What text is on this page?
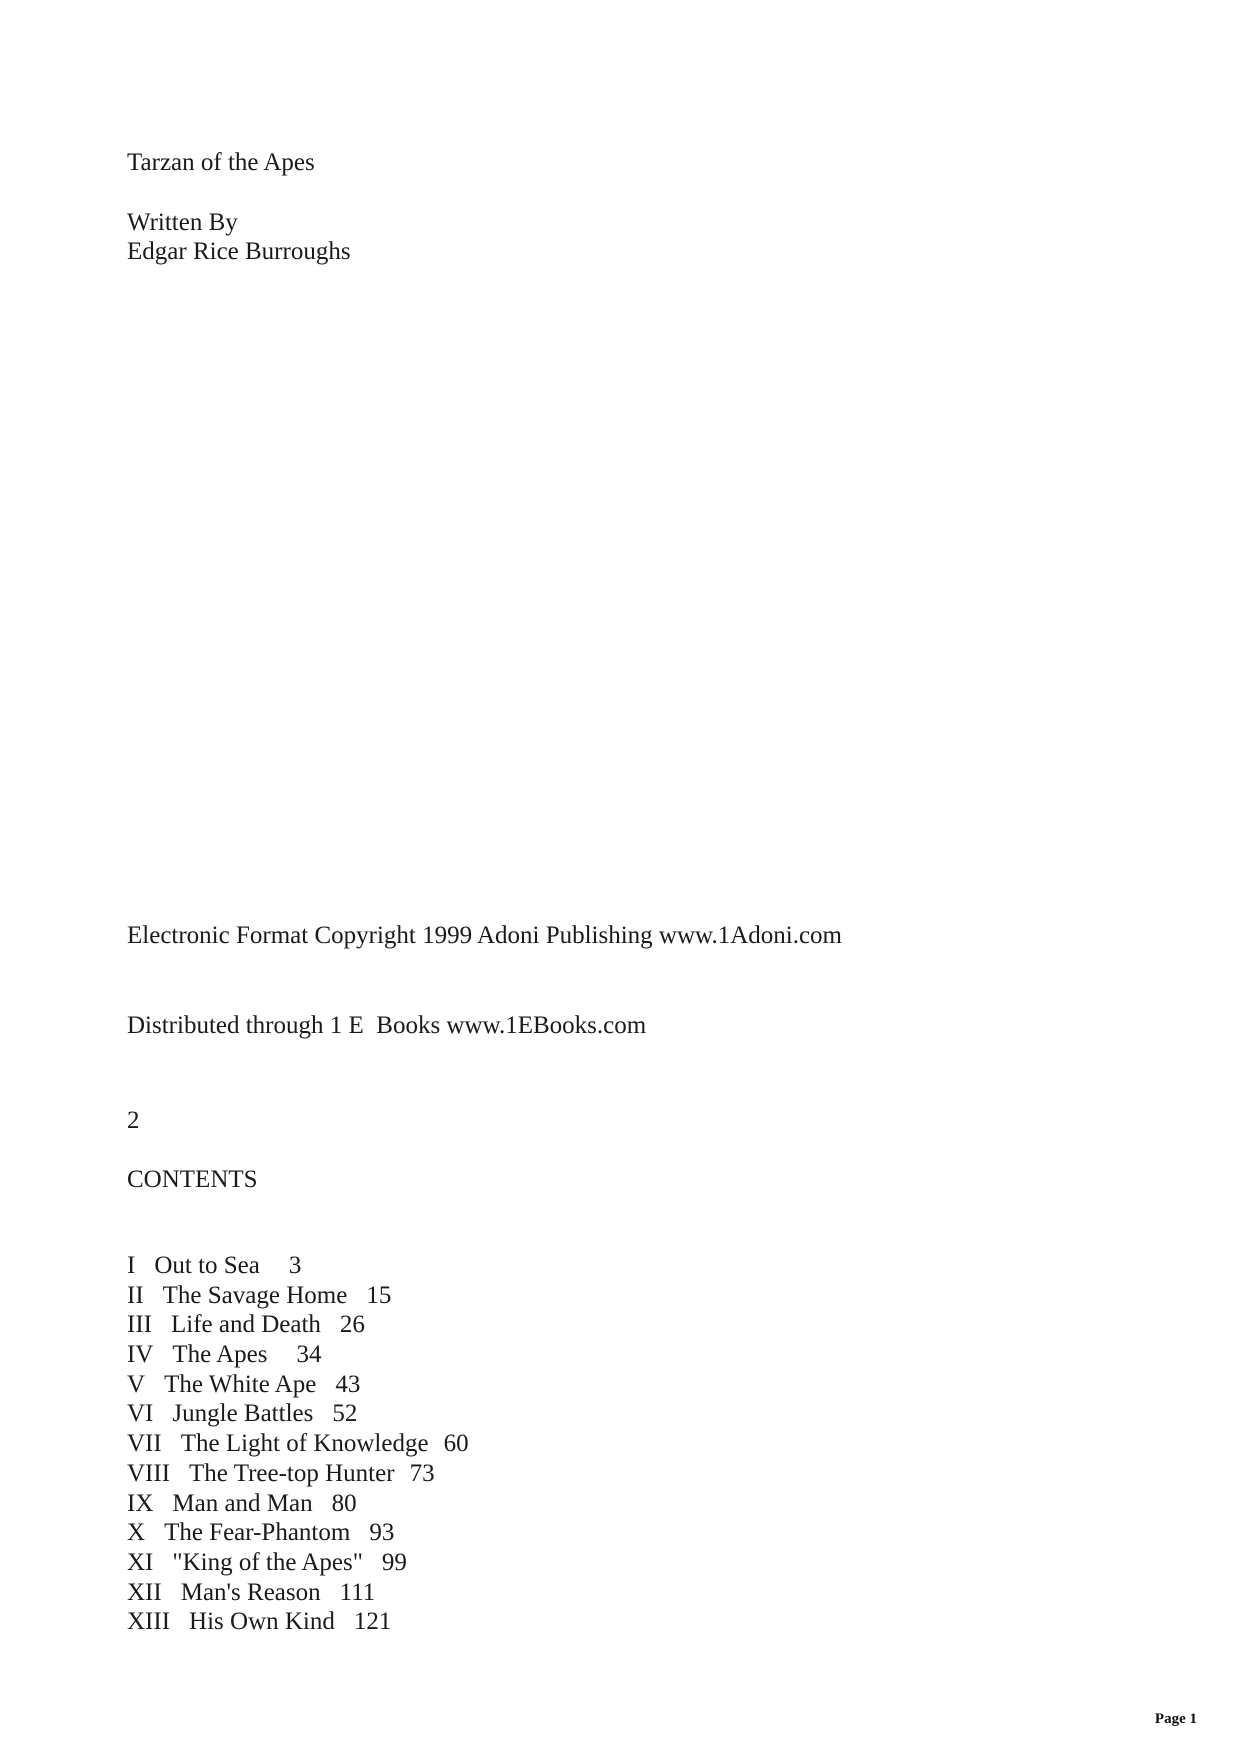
Tarzan of the Apes
Written By
Edgar Rice Burroughs
Electronic Format Copyright 1999 Adoni Publishing www.1Adoni.com
Distributed through 1 E  Books www.1EBooks.com
2
CONTENTS
I Out to Sea 3
II The Savage Home 15
III Life and Death 26
IV The Apes 34
V The White Ape 43
VI Jungle Battles 52
VII The Light of Knowledge 60
VIII The Tree-top Hunter 73
IX Man and Man 80
X The Fear-Phantom 93
XI "King of the Apes" 99
XII Man's Reason 111
XIII His Own Kind 121
Page 1
